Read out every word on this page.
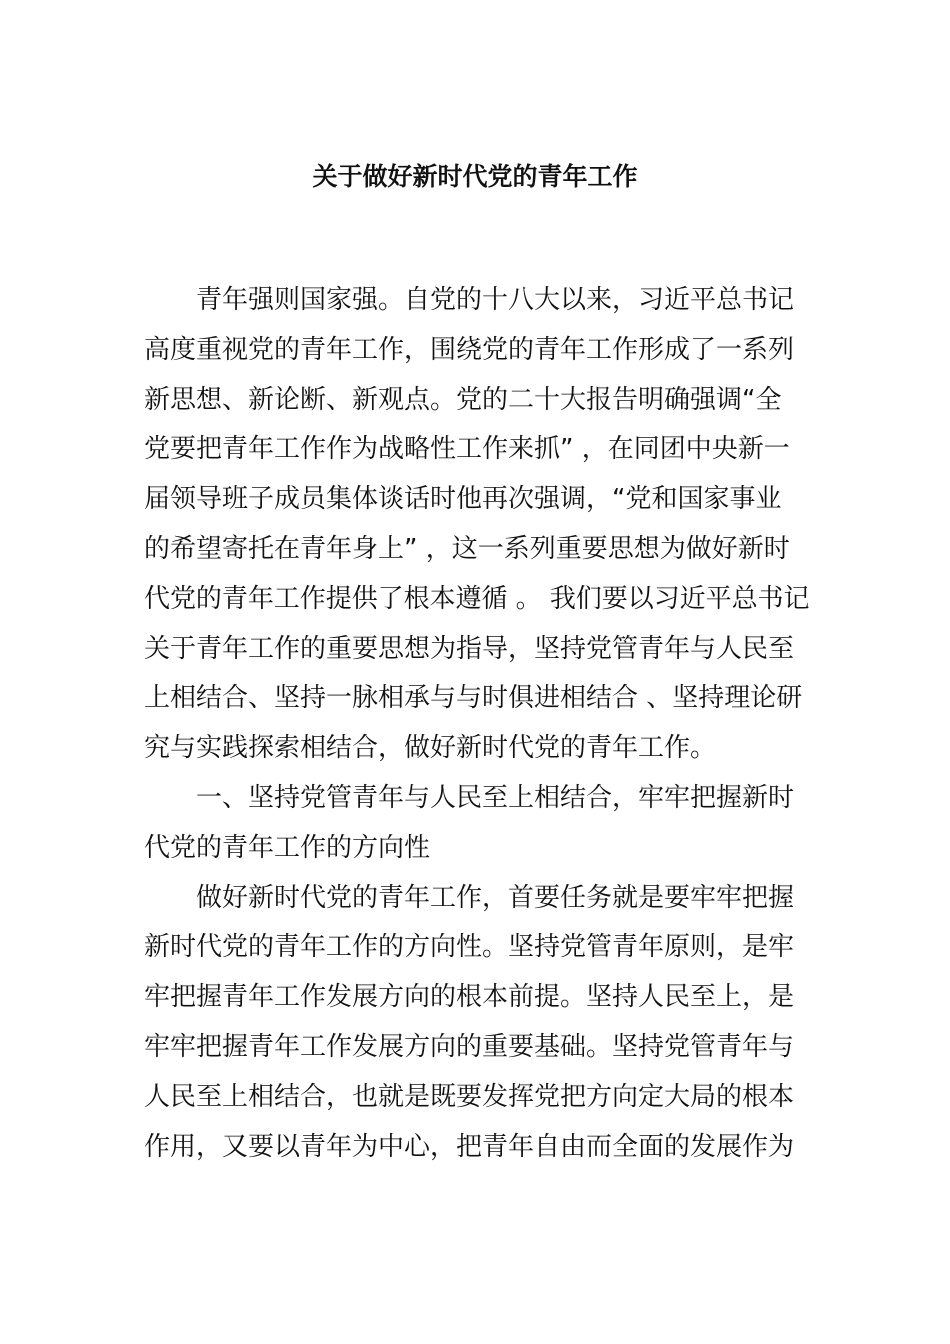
关于做好新时代党的青年工作
青年强则国家强。自党的十八大以来，习近平总书记
高度重视党的青年工作，围绕党的青年工作形成了一系列
新思想、新论断、新观点。党的二十大报告明确强调“全
党要把青年工作作为战略性工作来抓” ，在同团中央新一
届领导班子成员集体谈话时他再次强调，“党和国家事业
的希望寄托在青年身上” ，这一系列重要思想为做好新时
代党的青年工作提供了根本遵循 。 我们要以习近平总书记
关于青年工作的重要思想为指导，坚持党管青年与人民至
上相结合、坚持一脉相承与与时俱进相结合 、坚持理论研
究与实践探索相结合，做好新时代党的青年工作。
一、坚持党管青年与人民至上相结合，牢牢把握新时
代党的青年工作的方向性
做好新时代党的青年工作，首要任务就是要牢牢把握
新时代党的青年工作的方向性。坚持党管青年原则，是牢
牢把握青年工作发展方向的根本前提。坚持人民至上，是
牢牢把握青年工作发展方向的重要基础。坚持党管青年与
人民至上相结合，也就是既要发挥党把方向定大局的根本
作用，又要以青年为中心，把青年自由而全面的发展作为
